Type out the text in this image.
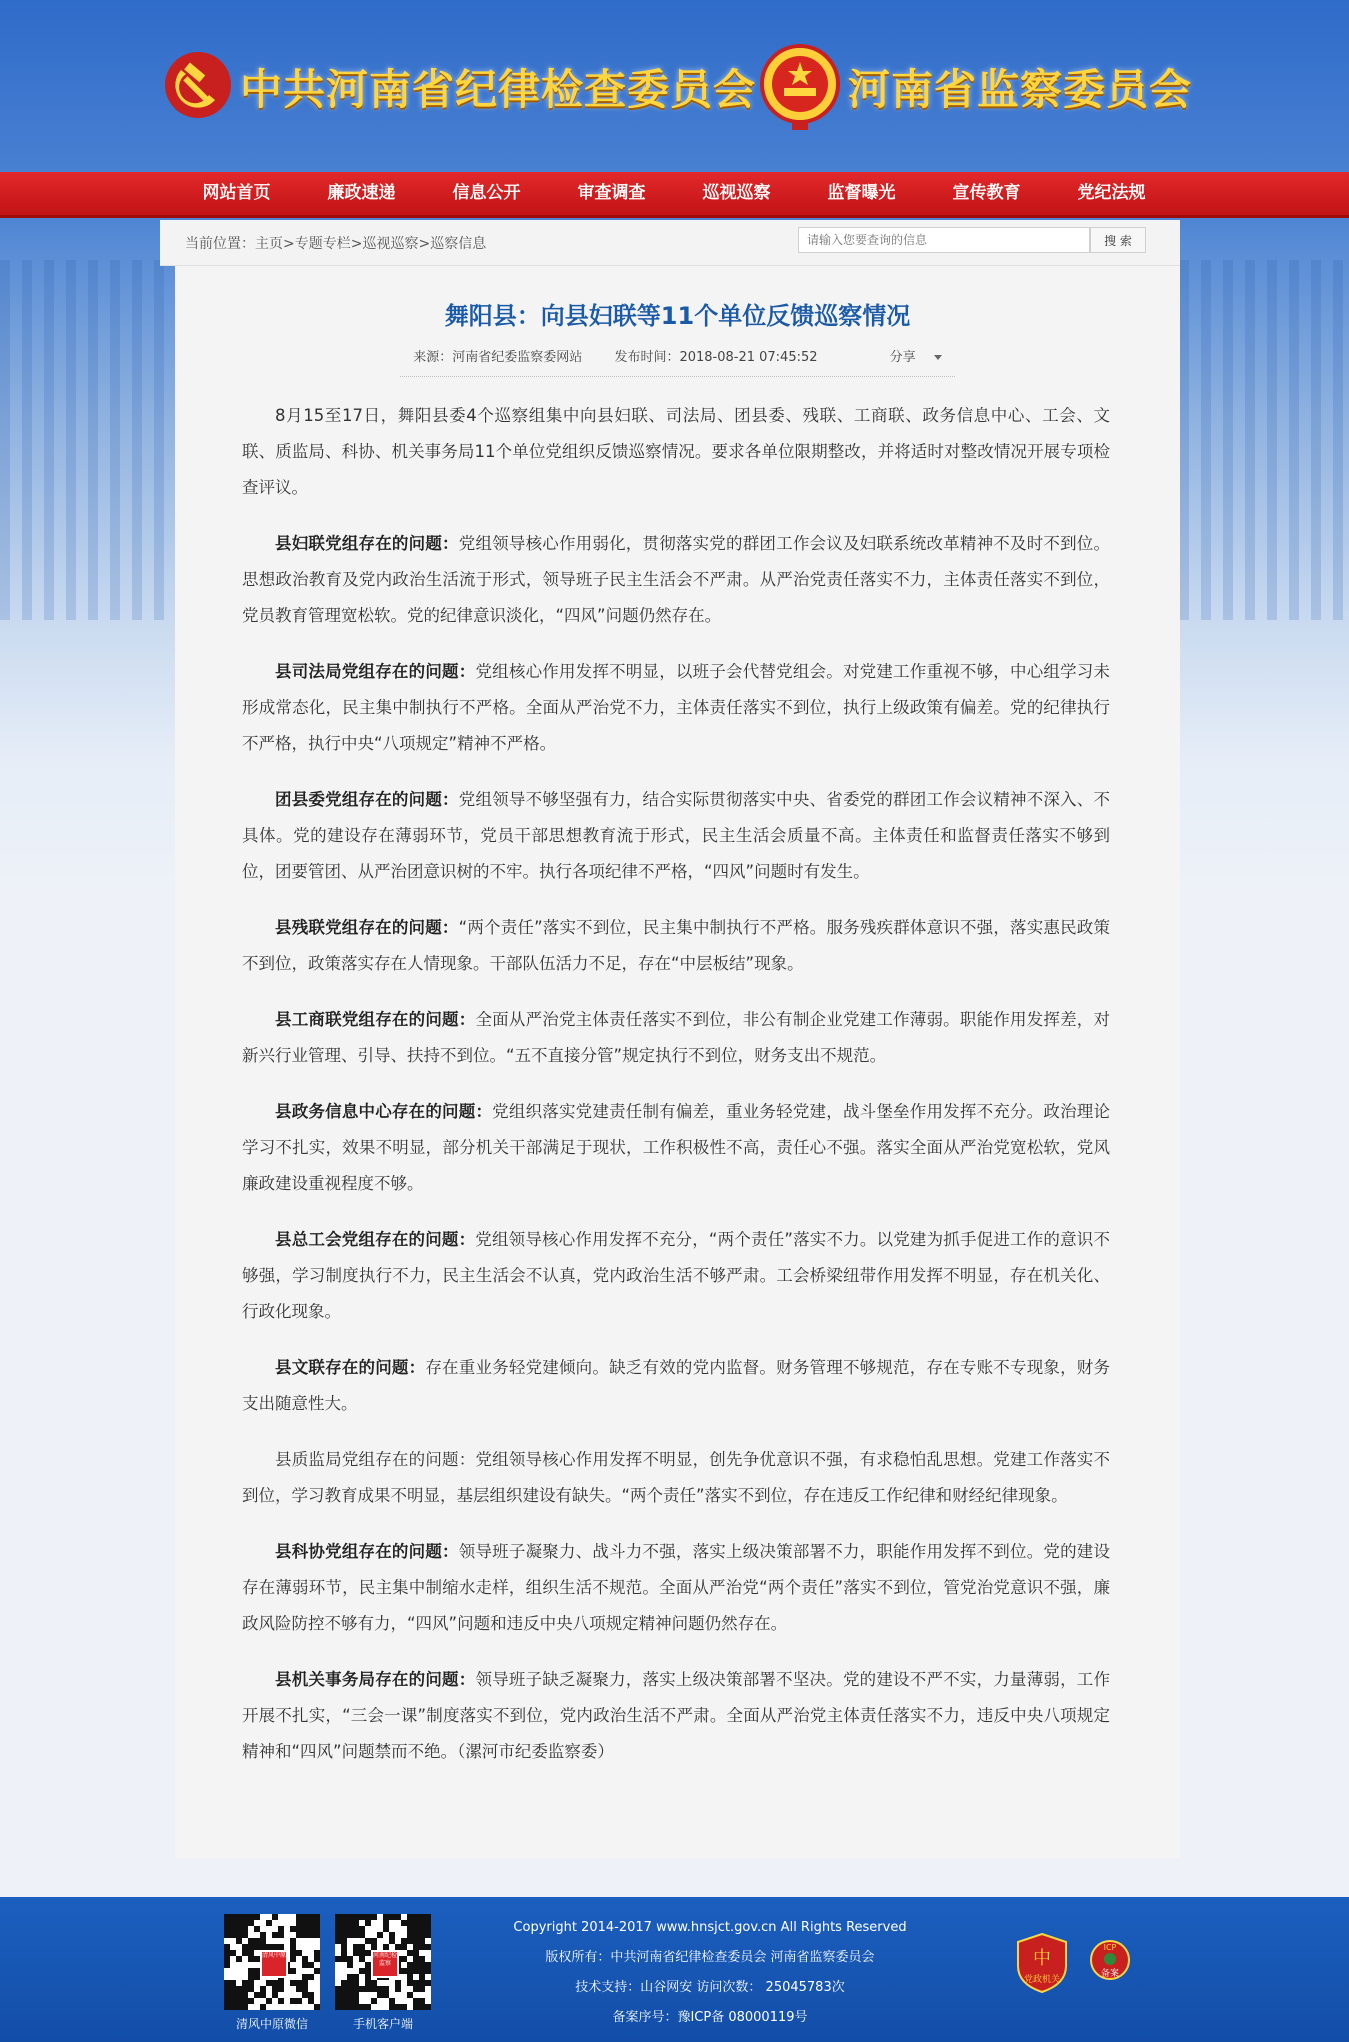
中共河南省纪律检查委员会 河南省监察委员会
网站首页	廉政速递	信息公开	审查调查	巡视巡察	监督曝光	宣传教育	党纪法规
当前位置：主页>专题专栏>巡视巡察>巡察信息
请输入您要查询的信息	搜 索
舞阳县：向县妇联等11个单位反馈巡察情况
来源：河南省纪委监察委网站 发布时间：2018-08-21 07:45:52	分享

8月15至17日，舞阳县委4个巡察组集中向县妇联、司法局、团县委、残联、工商联、政务信息中心、工会、文联、质监局、科协、机关事务局11个单位党组织反馈巡察情况。要求各单位限期整改，并将适时对整改情况开展专项检查评议。

县妇联党组存在的问题：党组领导核心作用弱化，贯彻落实党的群团工作会议及妇联系统改革精神不及时不到位。思想政治教育及党内政治生活流于形式，领导班子民主生活会不严肃。从严治党责任落实不力，主体责任落实不到位，党员教育管理宽松软。党的纪律意识淡化，“四风”问题仍然存在。

县司法局党组存在的问题：党组核心作用发挥不明显，以班子会代替党组会。对党建工作重视不够，中心组学习未形成常态化，民主集中制执行不严格。全面从严治党不力，主体责任落实不到位，执行上级政策有偏差。党的纪律执行不严格，执行中央“八项规定”精神不严格。

团县委党组存在的问题：党组领导不够坚强有力，结合实际贯彻落实中央、省委党的群团工作会议精神不深入、不具体。党的建设存在薄弱环节，党员干部思想教育流于形式，民主生活会质量不高。主体责任和监督责任落实不够到位，团要管团、从严治团意识树的不牢。执行各项纪律不严格，“四风”问题时有发生。

县残联党组存在的问题：“两个责任”落实不到位，民主集中制执行不严格。服务残疾群体意识不强，落实惠民政策不到位，政策落实存在人情现象。干部队伍活力不足，存在“中层板结”现象。

县工商联党组存在的问题：全面从严治党主体责任落实不到位，非公有制企业党建工作薄弱。职能作用发挥差，对新兴行业管理、引导、扶持不到位。“五不直接分管”规定执行不到位，财务支出不规范。

县政务信息中心存在的问题：党组织落实党建责任制有偏差，重业务轻党建，战斗堡垒作用发挥不充分。政治理论学习不扎实，效果不明显，部分机关干部满足于现状，工作积极性不高，责任心不强。落实全面从严治党宽松软，党风廉政建设重视程度不够。

县总工会党组存在的问题：党组领导核心作用发挥不充分，“两个责任”落实不力。以党建为抓手促进工作的意识不够强，学习制度执行不力，民主生活会不认真，党内政治生活不够严肃。工会桥梁纽带作用发挥不明显，存在机关化、行政化现象。

县文联存在的问题：存在重业务轻党建倾向。缺乏有效的党内监督。财务管理不够规范，存在专账不专现象，财务支出随意性大。

县质监局党组存在的问题：党组领导核心作用发挥不明显，创先争优意识不强，有求稳怕乱思想。党建工作落实不到位，学习教育成果不明显，基层组织建设有缺失。“两个责任”落实不到位，存在违反工作纪律和财经纪律现象。

县科协党组存在的问题：领导班子凝聚力、战斗力不强，落实上级决策部署不力，职能作用发挥不到位。党的建设存在薄弱环节，民主集中制缩水走样，组织生活不规范。全面从严治党“两个责任”落实不到位，管党治党意识不强，廉政风险防控不够有力，“四风”问题和违反中央八项规定精神问题仍然存在。

县机关事务局存在的问题：领导班子缺乏凝聚力，落实上级决策部署不坚决。党的建设不严不实，力量薄弱，工作开展不扎实，“三会一课”制度落实不到位，党内政治生活不严肃。全面从严治党主体责任落实不力，违反中央八项规定精神和“四风”问题禁而不绝。（漯河市纪委监察委）

清风中原
清风中原微信
河南纪检监察
手机客户端
Copyright 2014-2017 www.hnsjct.gov.cn All Rights Reserved
版权所有：中共河南省纪律检查委员会 河南省监察委员会
技术支持：山谷网安 访问次数： 25045783次
备案序号：豫ICP备 08000119号
中
党政机关
ICP
备案
